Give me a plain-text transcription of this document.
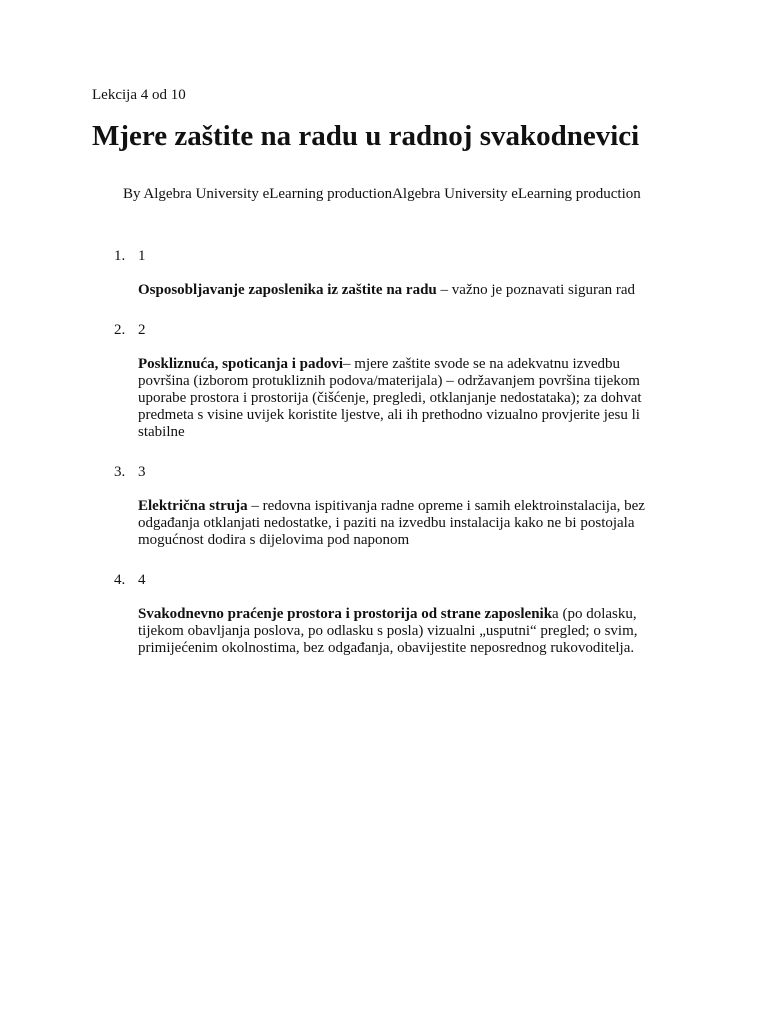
Lekcija 4 od 10
Mjere zaštite na radu u radnoj svakodnevici
By Algebra University eLearning productionAlgebra University eLearning production
1. 1
Osposobljavanje zaposlenika iz zaštite na radu – važno je poznavati siguran rad
2. 2
Poskliznuća, spoticanja i padovi– mjere zaštite svode se na adekvatnu izvedbu površina (izborom protukliznih podova/materijala) – održavanjem površina tijekom uporabe prostora i prostorija (čišćenje, pregledi, otklanjanje nedostataka); za dohvat predmeta s visine uvijek koristite ljestve, ali ih prethodno vizualno provjerite jesu li stabilne
3. 3
Električna struja – redovna ispitivanja radne opreme i samih elektroinstalacija, bez odgađanja otklanjati nedostatke, i paziti na izvedbu instalacija kako ne bi postojala mogućnost dodira s dijelovima pod naponom
4. 4
Svakodnevno praćenje prostora i prostorija od strane zaposlenika (po dolasku, tijekom obavljanja poslova, po odlasku s posla) vizualni „usputni“ pregled; o svim, primijećenim okolnostima, bez odgađanja, obavijestite neposrednog rukovoditelja.
